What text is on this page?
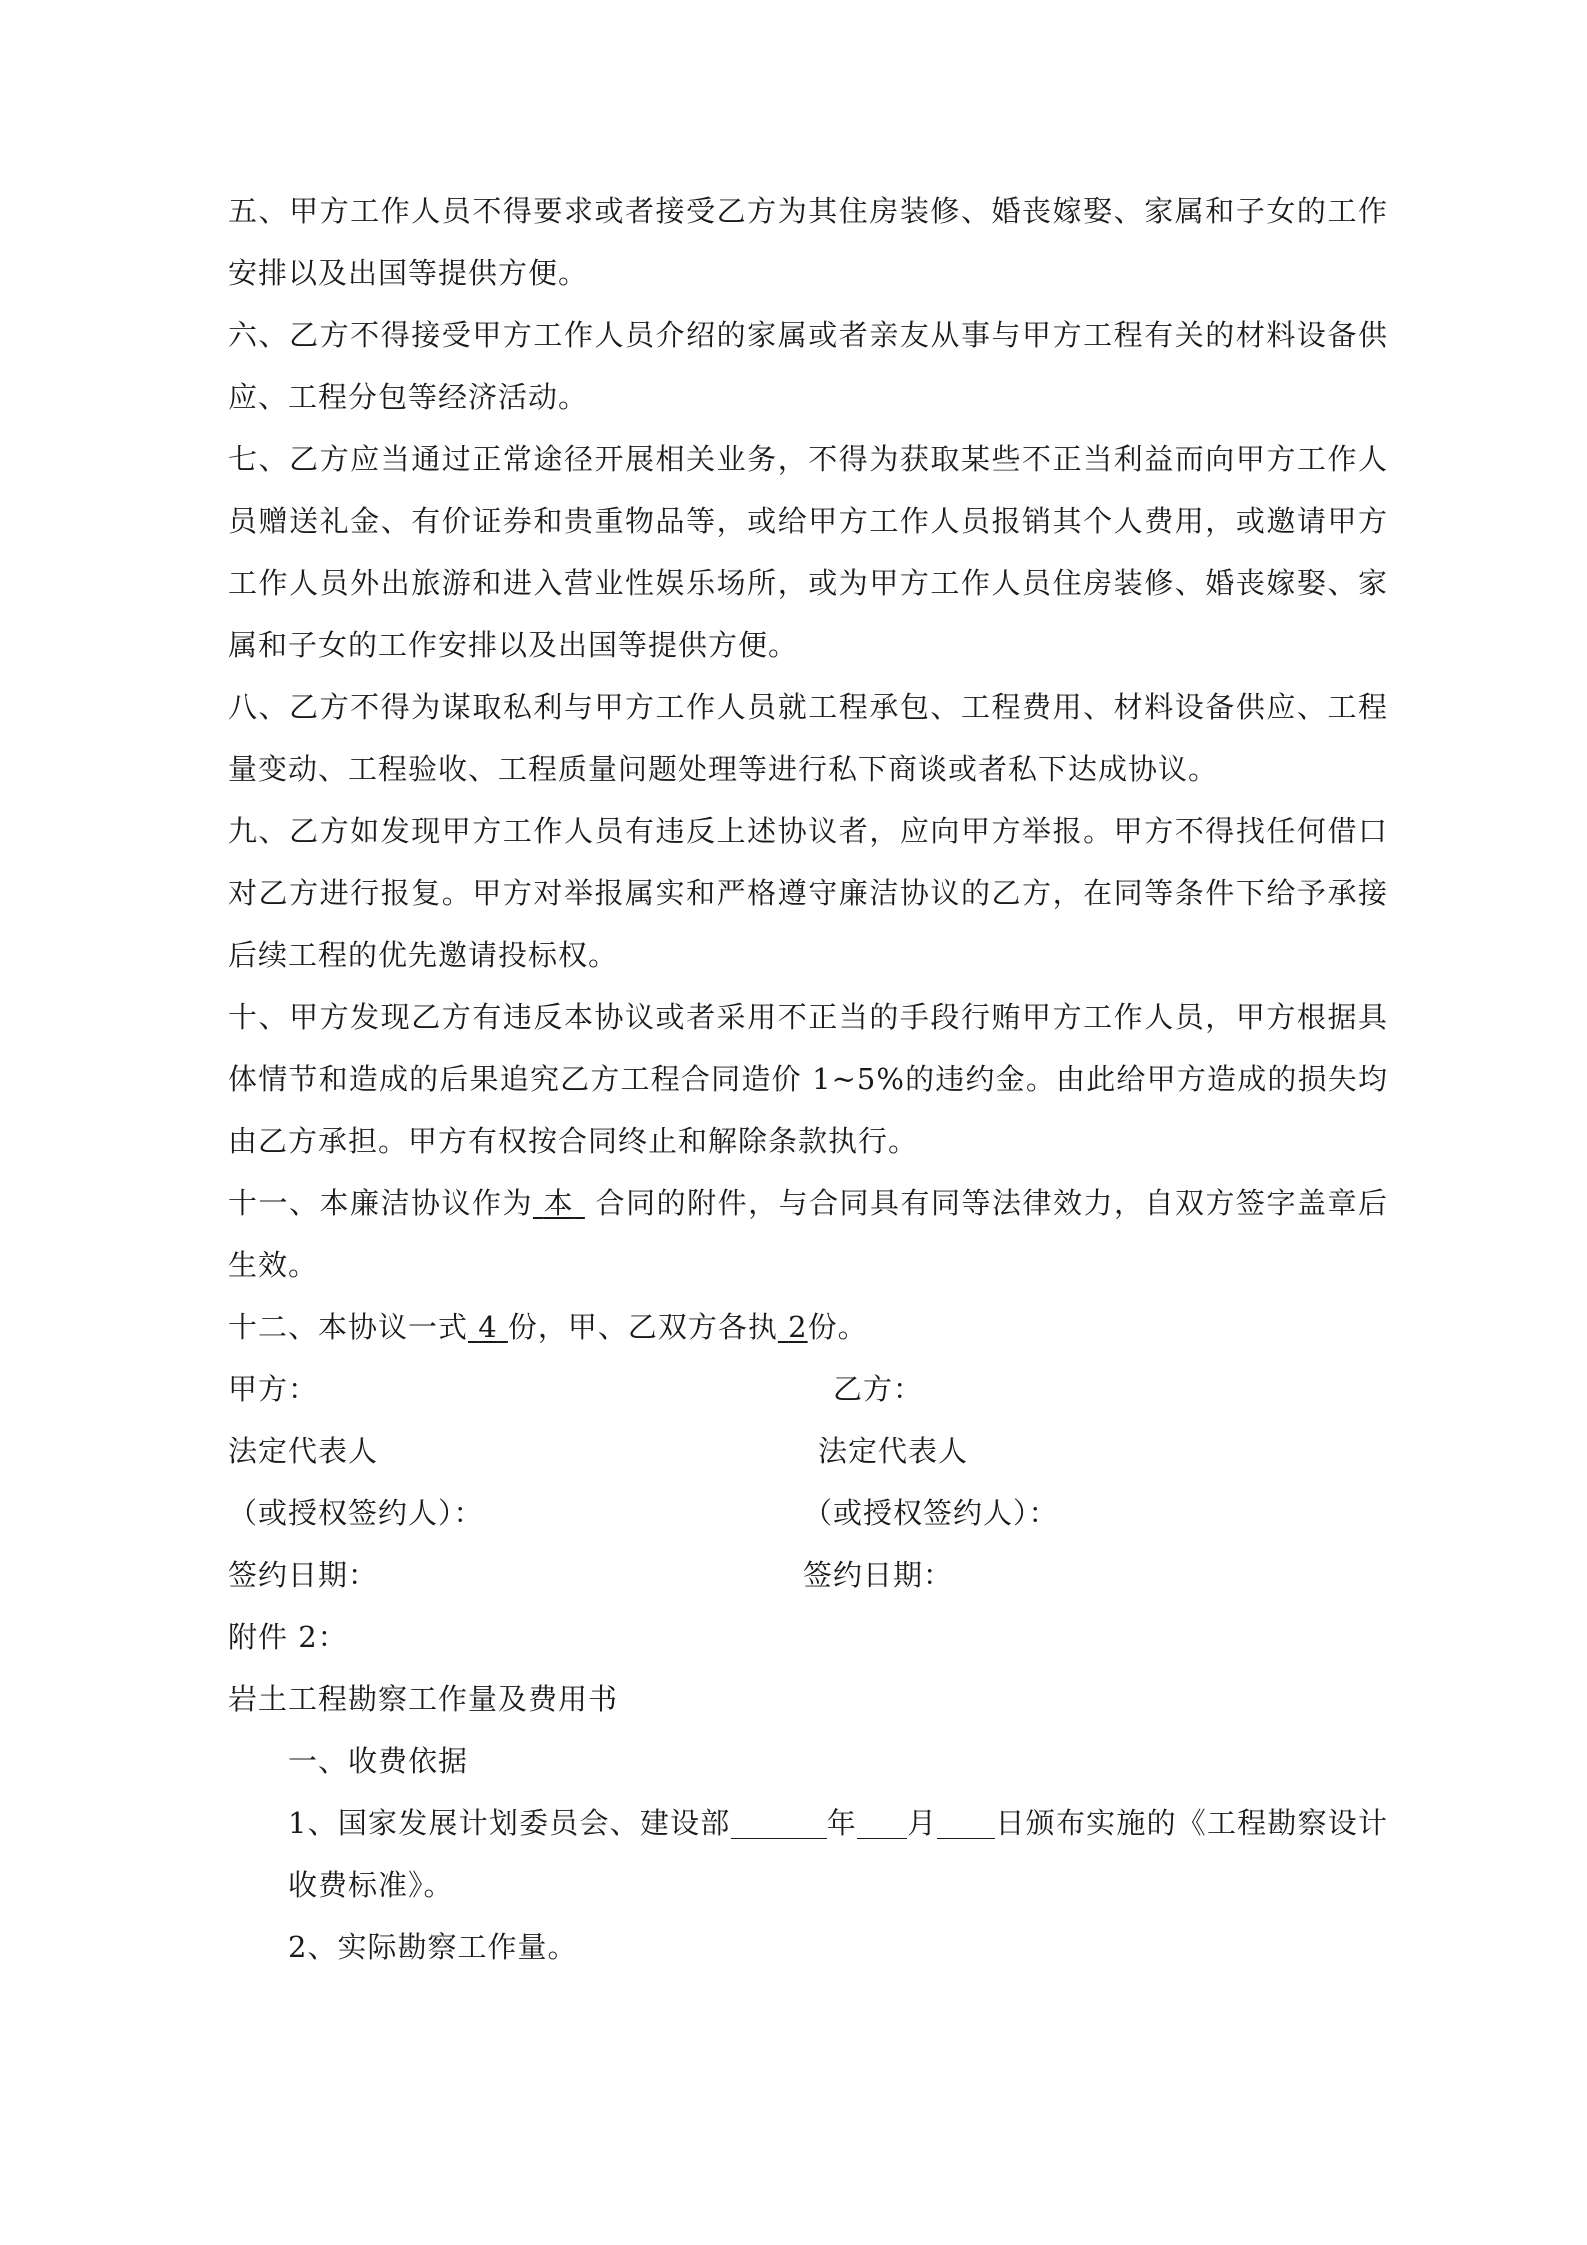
五、甲方工作人员不得要求或者接受乙方为其住房装修、婚丧嫁娶、家属和子女的工作安排以及出国等提供方便。

六、乙方不得接受甲方工作人员介绍的家属或者亲友从事与甲方工程有关的材料设备供应、工程分包等经济活动。

七、乙方应当通过正常途径开展相关业务，不得为获取某些不正当利益而向甲方工作人员赠送礼金、有价证券和贵重物品等，或给甲方工作人员报销其个人费用，或邀请甲方工作人员外出旅游和进入营业性娱乐场所，或为甲方工作人员住房装修、婚丧嫁娶、家属和子女的工作安排以及出国等提供方便。

八、乙方不得为谋取私利与甲方工作人员就工程承包、工程费用、材料设备供应、工程量变动、工程验收、工程质量问题处理等进行私下商谈或者私下达成协议。

九、乙方如发现甲方工作人员有违反上述协议者，应向甲方举报。甲方不得找任何借口对乙方进行报复。甲方对举报属实和严格遵守廉洁协议的乙方，在同等条件下给予承接后续工程的优先邀请投标权。

十、甲方发现乙方有违反本协议或者采用不正当的手段行贿甲方工作人员，甲方根据具体情节和造成的后果追究乙方工程合同造价 1~5%的违约金。由此给甲方造成的损失均由乙方承担。甲方有权按合同终止和解除条款执行。

十一、本廉洁协议作为 本  合同的附件，与合同具有同等法律效力，自双方签字盖章后生效。

十二、本协议一式 4 份，甲、乙双方各执 2份。

甲方：	乙方：
法定代表人	法定代表人
（或授权签约人）：	（或授权签约人）：
签约日期：	签约日期：

附件 2：

岩土工程勘察工作量及费用书

一、收费依据

1、国家发展计划委员会、建设部	年 月 日颁布实施的《工程勘察设计收费标准》。

2、实际勘察工作量。
